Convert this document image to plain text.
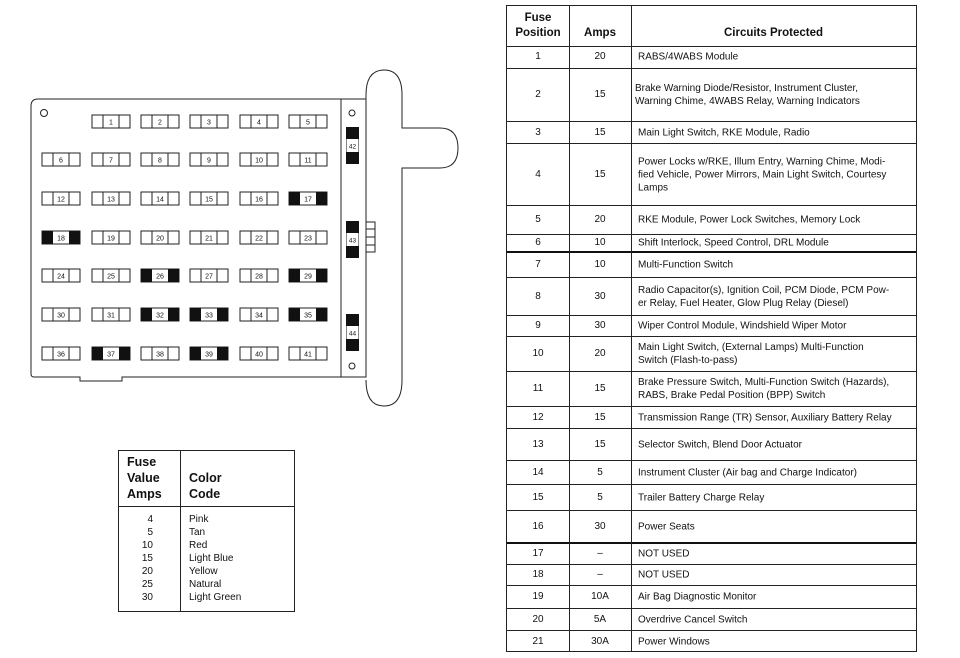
1	2	3	4	5
6	7	8	9	10	11
12	13	14	15	16	17
18	19	20	21	22	23
24	25	26	27	28	29
30	31	32	33	34	35
36	37	38	39	40	41
42
43
44
Fuse
Value
Amps
Color
Code
4	Pink
5	Tan
10	Red
15	Light Blue
20	Yellow
25	Natural
30	Light Green
Fuse
Position	Amps	Circuits Protected
1	20	RABS/4WABS Module
2	15
Brake Warning Diode/Resistor, Instrument Cluster,
Warning Chime, 4WABS Relay, Warning Indicators
3	15	Main Light Switch, RKE Module, Radio
4	15
Power Locks w/RKE, Illum Entry, Warning Chime, Modi-
fied Vehicle, Power Mirrors, Main Light Switch, Courtesy
Lamps
5	20	RKE Module, Power Lock Switches, Memory Lock
6	10	Shift Interlock, Speed Control, DRL Module
7	10	Multi-Function Switch
8	30
Radio Capacitor(s), Ignition Coil, PCM Diode, PCM Pow-
er Relay, Fuel Heater, Glow Plug Relay (Diesel)
9	30	Wiper Control Module, Windshield Wiper Motor
10	20
Main Light Switch, (External Lamps) Multi-Function
Switch (Flash-to-pass)
11	15
Brake Pressure Switch, Multi-Function Switch (Hazards),
RABS, Brake Pedal Position (BPP) Switch
12	15	Transmission Range (TR) Sensor, Auxiliary Battery Relay
13	15	Selector Switch, Blend Door Actuator
14	5	Instrument Cluster (Air bag and Charge Indicator)
15	5	Trailer Battery Charge Relay
16	30	Power Seats
17	–	NOT USED
18	–	NOT USED
19	10A	Air Bag Diagnostic Monitor
20	5A	Overdrive Cancel Switch
21	30A	Power Windows
